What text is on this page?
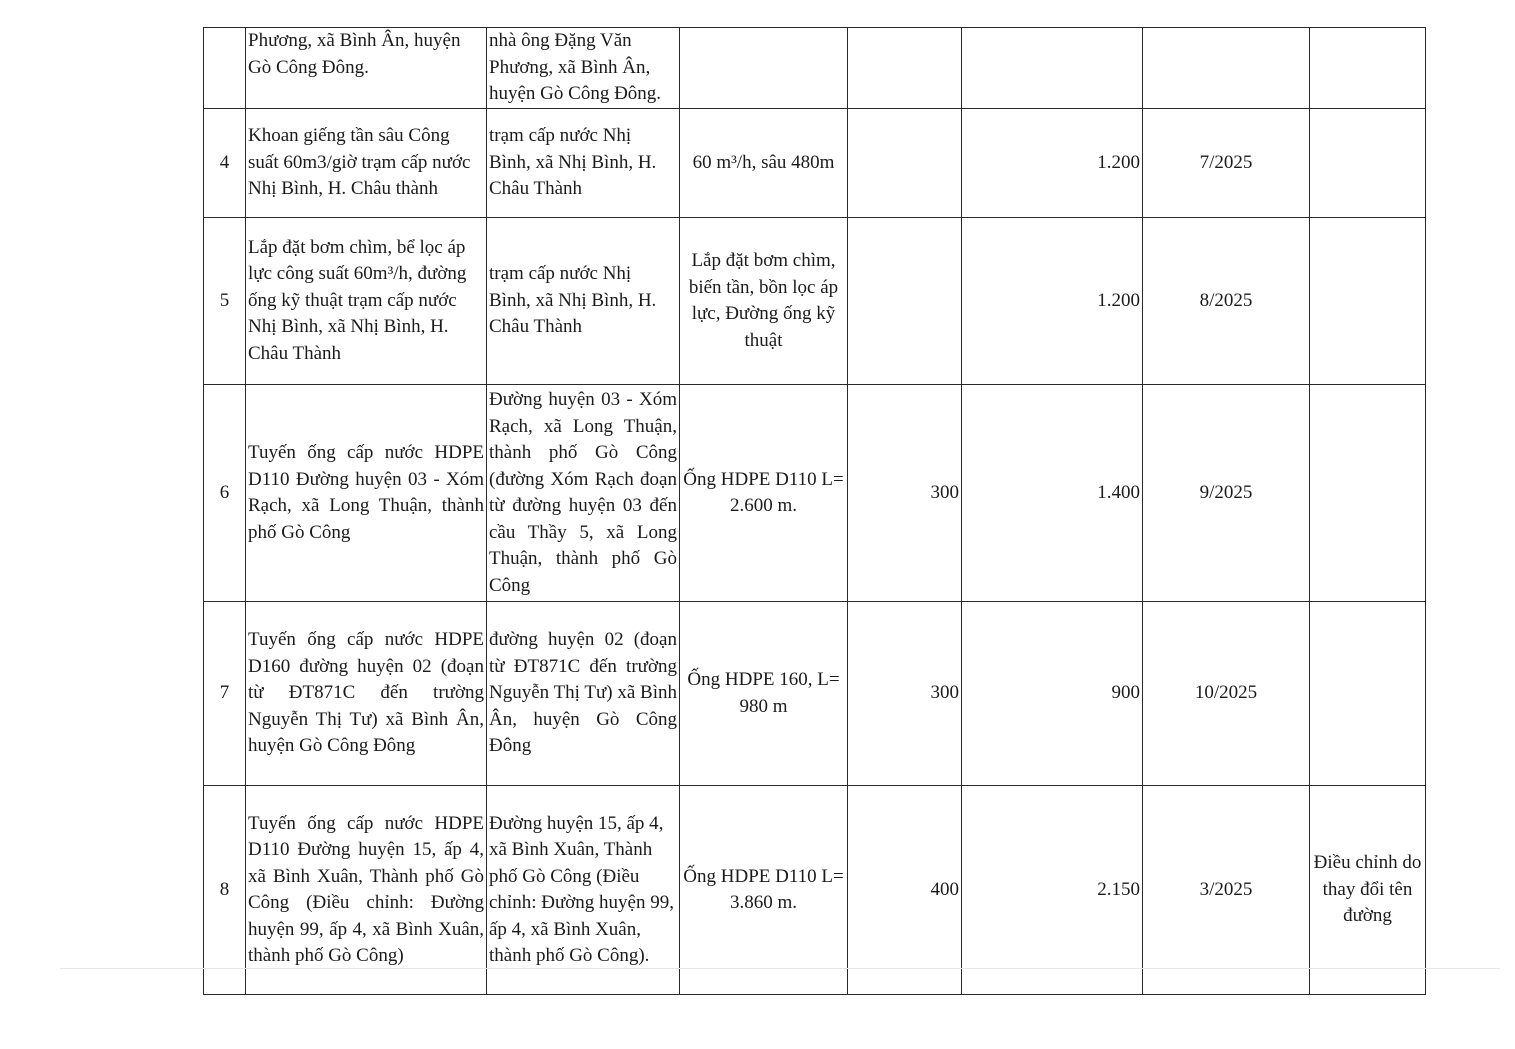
	Phương, xã Bình Ân, huyện Gò Công Đông.	nhà ông Đặng Văn Phương, xã Bình Ân, huyện Gò Công Đông.					
4	Khoan giếng tần sâu Công suất 60m3/giờ trạm cấp nước Nhị Bình, H. Châu thành	trạm cấp nước Nhị Bình, xã Nhị Bình, H. Châu Thành	60 m³/h, sâu 480m		1.200	7/2025	
5	Lắp đặt bơm chìm, bể lọc áp lực công suất 60m³/h, đường ống kỹ thuật trạm cấp nước Nhị Bình, xã Nhị Bình, H. Châu Thành	trạm cấp nước Nhị Bình, xã Nhị Bình, H. Châu Thành	Lắp đặt bơm chìm, biến tần, bồn lọc áp lực, Đường ống kỹ thuật		1.200	8/2025	
6	Tuyến ống cấp nước HDPE D110 Đường huyện 03 - Xóm Rạch, xã Long Thuận, thành phố Gò Công	Đường huyện 03 - Xóm Rạch, xã Long Thuận, thành phố Gò Công (đường Xóm Rạch đoạn từ đường huyện 03 đến cầu Thầy 5, xã Long Thuận, thành phố Gò Công	Ống HDPE D110 L= 2.600 m.	300	1.400	9/2025	
7	Tuyến ống cấp nước HDPE D160 đường huyện 02 (đoạn từ ĐT871C đến trường Nguyễn Thị Tư) xã Bình Ân, huyện Gò Công Đông	đường huyện 02 (đoạn từ ĐT871C đến trường Nguyễn Thị Tư) xã Bình Ân, huyện Gò Công Đông	Ống HDPE 160, L= 980 m	300	900	10/2025	
8	Tuyến ống cấp nước HDPE D110 Đường huyện 15, ấp 4, xã Bình Xuân, Thành phố Gò Công (Điều chỉnh: Đường huyện 99, ấp 4, xã Bình Xuân, thành phố Gò Công)	Đường huyện 15, ấp 4, xã Bình Xuân, Thành phố Gò Công (Điều chỉnh: Đường huyện 99, ấp 4, xã Bình Xuân, thành phố Gò Công).	Ống HDPE D110 L= 3.860 m.	400	2.150	3/2025	Điều chỉnh do thay đổi tên đường
